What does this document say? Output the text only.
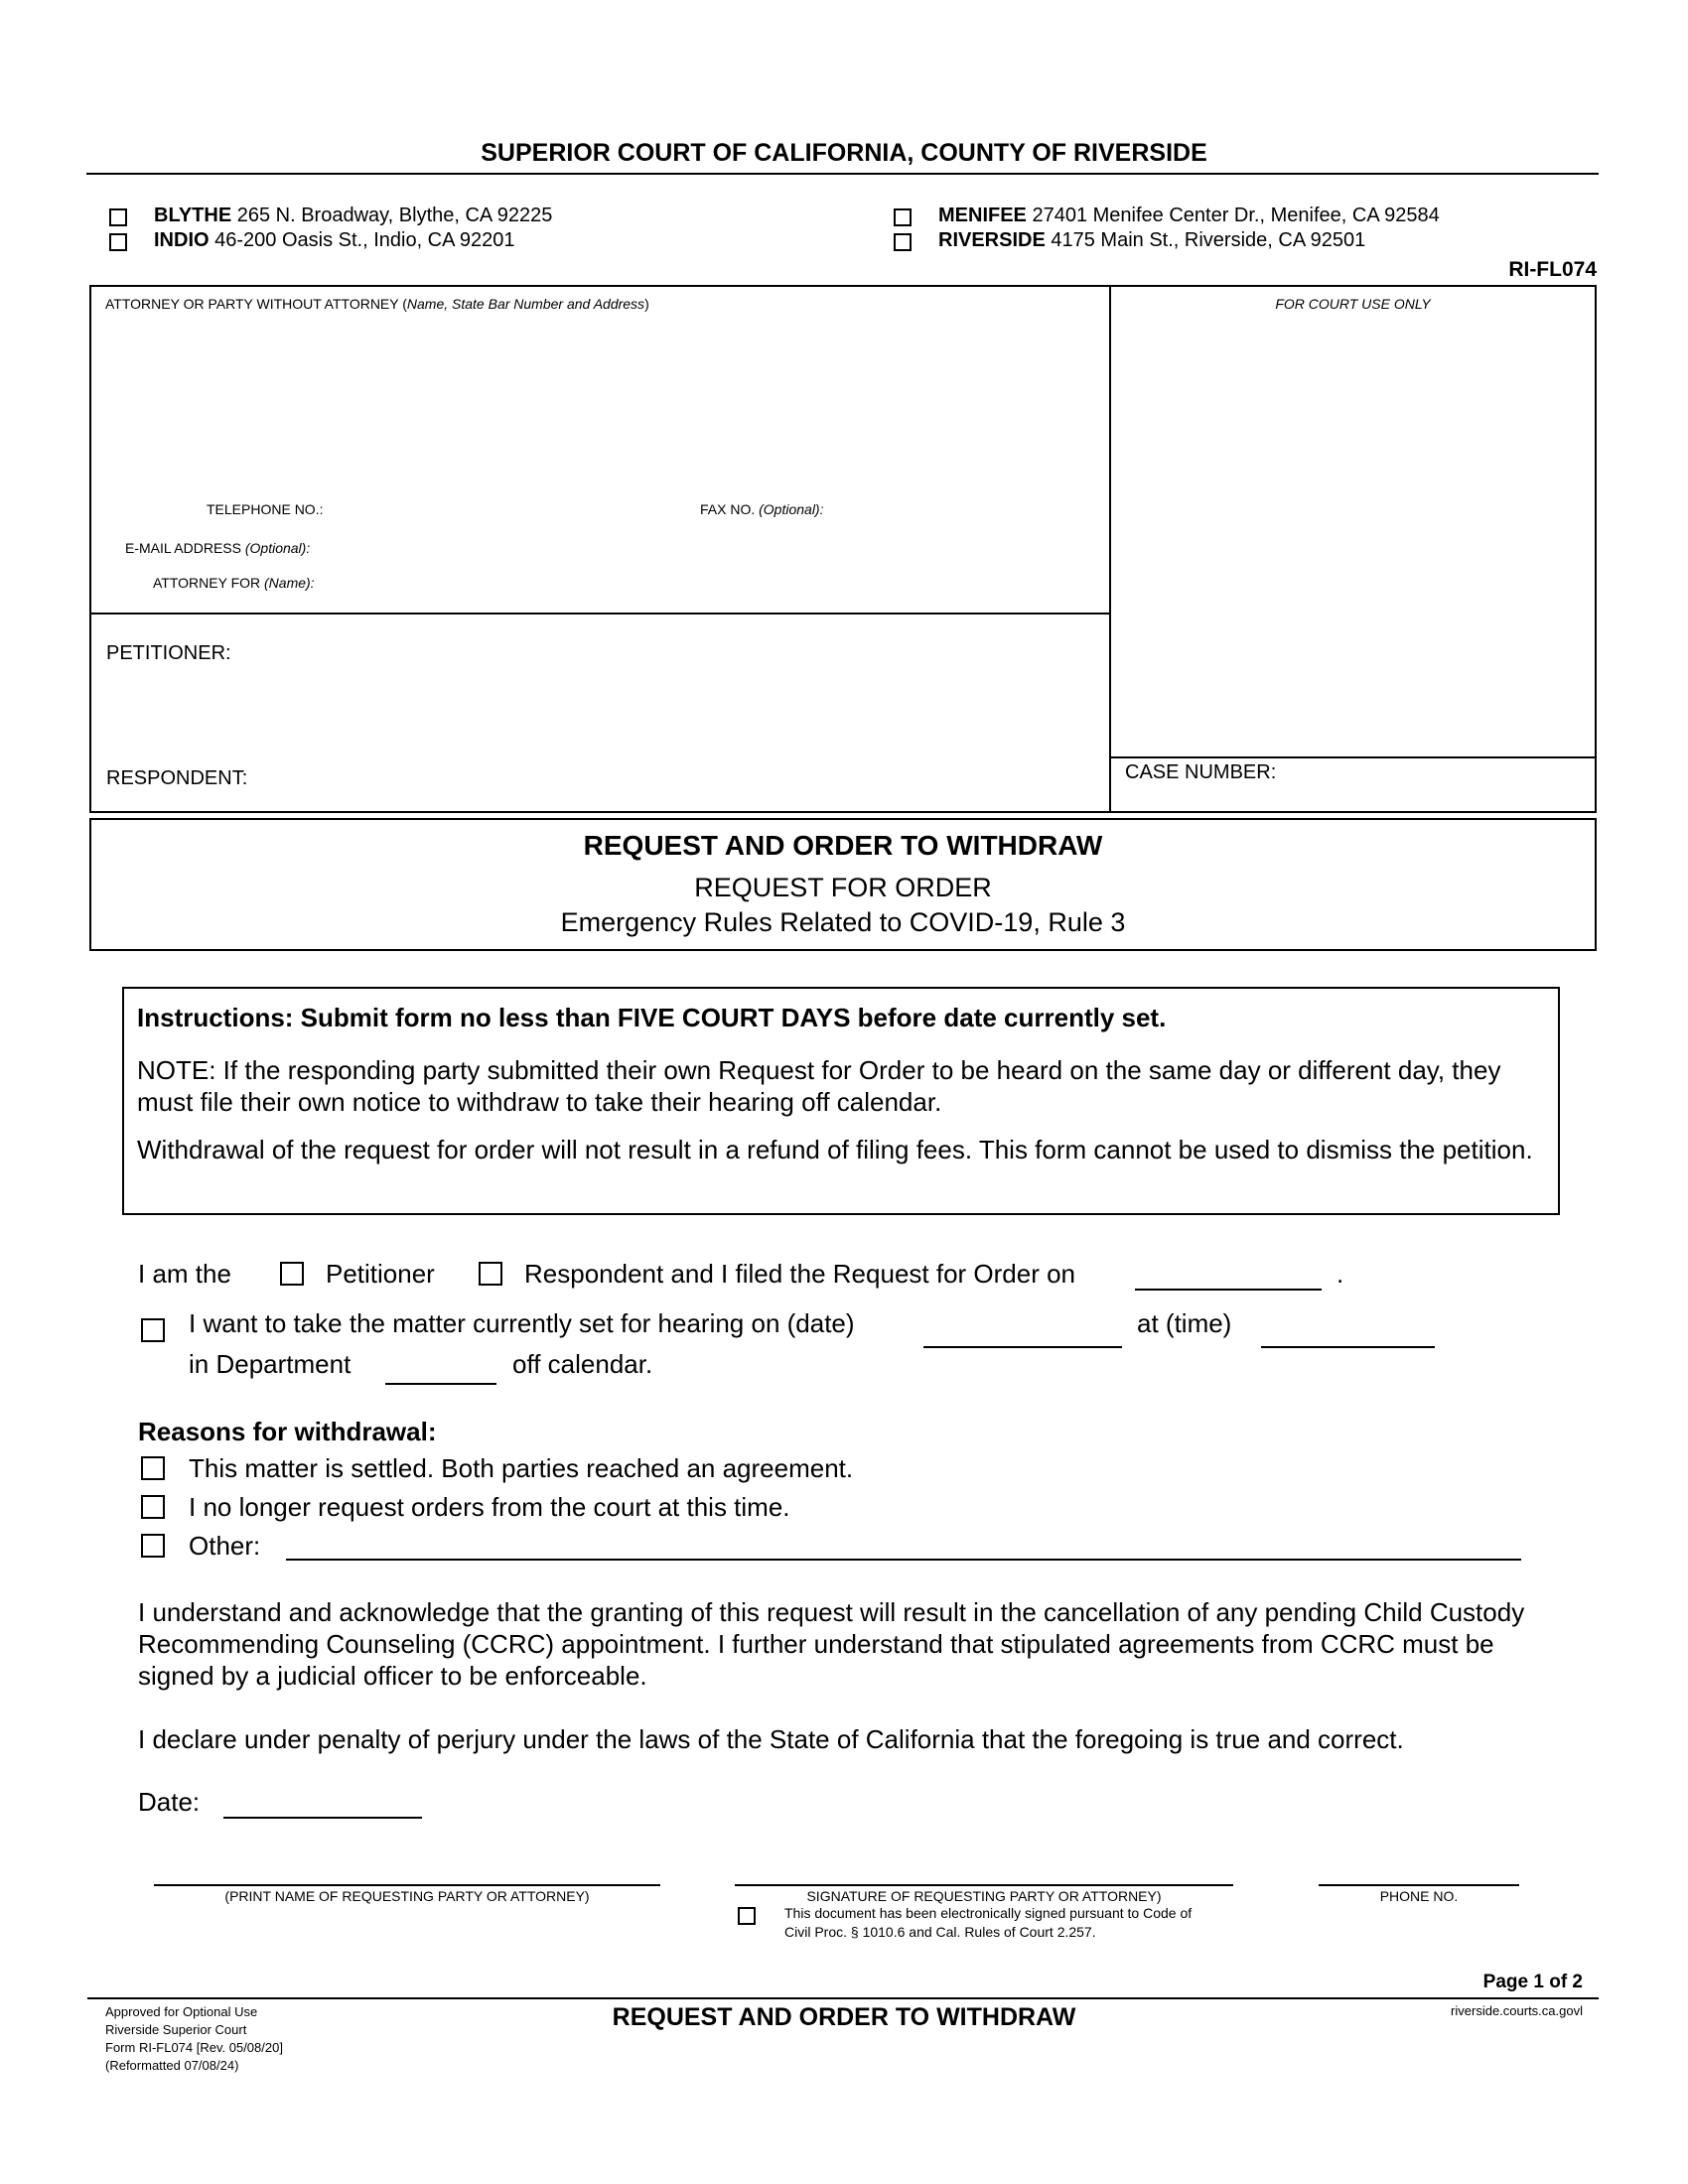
SUPERIOR COURT OF CALIFORNIA, COUNTY OF RIVERSIDE
BLYTHE 265 N. Broadway, Blythe, CA 92225
INDIO 46-200 Oasis St., Indio, CA 92201
MENIFEE 27401 Menifee Center Dr., Menifee, CA 92584
RIVERSIDE 4175 Main St., Riverside, CA 92501
RI-FL074
ATTORNEY OR PARTY WITHOUT ATTORNEY (Name, State Bar Number and Address)	FOR COURT USE ONLY
TELEPHONE NO.:	FAX NO. (Optional):
E-MAIL ADDRESS (Optional):
ATTORNEY FOR (Name):
PETITIONER:
RESPONDENT:	CASE NUMBER:
REQUEST AND ORDER TO WITHDRAW
REQUEST FOR ORDER
Emergency Rules Related to COVID-19, Rule 3
Instructions: Submit form no less than FIVE COURT DAYS before date currently set.
NOTE: If the responding party submitted their own Request for Order to be heard on the same day or different day, they must file their own notice to withdraw to take their hearing off calendar.
Withdrawal of the request for order will not result in a refund of filing fees. This form cannot be used to dismiss the petition.
I am the	Petitioner	Respondent and I filed the Request for Order on	.
I want to take the matter currently set for hearing on (date)	at (time)
in Department	off calendar.
Reasons for withdrawal:
This matter is settled. Both parties reached an agreement.
I no longer request orders from the court at this time.
Other:
I understand and acknowledge that the granting of this request will result in the cancellation of any pending Child Custody Recommending Counseling (CCRC) appointment. I further understand that stipulated agreements from CCRC must be signed by a judicial officer to be enforceable.
I declare under penalty of perjury under the laws of the State of California that the foregoing is true and correct.
Date:
(PRINT NAME OF REQUESTING PARTY OR ATTORNEY)	SIGNATURE OF REQUESTING PARTY OR ATTORNEY)	PHONE NO.
This document has been electronically signed pursuant to Code of Civil Proc. § 1010.6 and Cal. Rules of Court 2.257.
Page 1 of 2
Approved for Optional Use
Riverside Superior Court
Form RI-FL074 [Rev. 05/08/20]
(Reformatted 07/08/24)
REQUEST AND ORDER TO WITHDRAW	riverside.courts.ca.govl
